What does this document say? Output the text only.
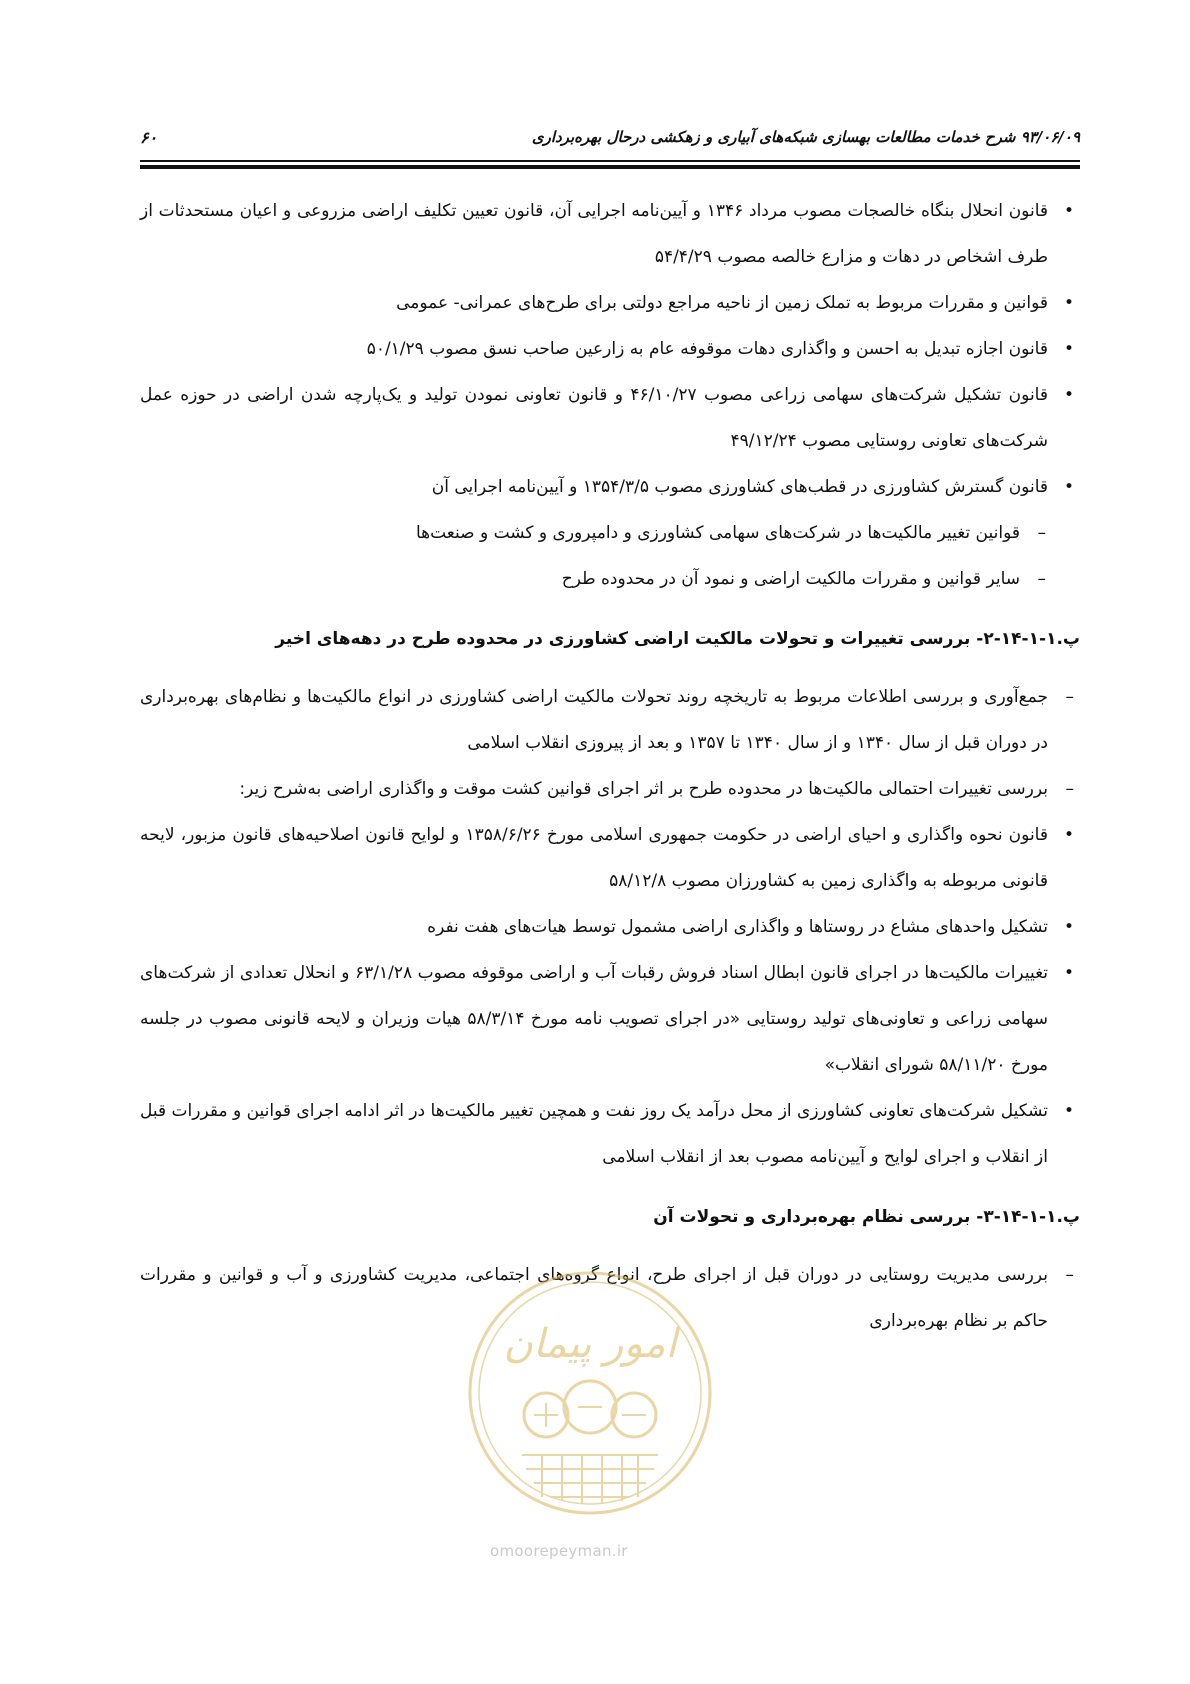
۹۳/۰۶/۰۹ شرح خدمات مطالعات بهسازی شبکه‌های آبیاری و زهکشی درحال بهره‌برداری
۶۰

•
قانون انحلال بنگاه خالصجات مصوب مرداد ۱۳۴۶ و آیین‌نامه اجرایی آن، قانون تعیین تکلیف اراضی مزروعی و اعیان مستحدثات از طرف اشخاص در دهات و مزارع خالصه مصوب ۵۴/۴/۲۹

•
قوانین و مقررات مربوط به تملک زمین از ناحیه مراجع دولتی برای طرح‌های عمرانی- عمومی

•
قانون اجازه تبدیل به احسن و واگذاری دهات موقوفه عام به زارعین صاحب نسق مصوب ۵۰/۱/۲۹

•
قانون تشکیل شرکت‌های سهامی زراعی مصوب ۴۶/۱۰/۲۷ و قانون تعاونی نمودن تولید و یک‌پارچه شدن اراضی در حوزه عمل شرکت‌های تعاونی روستایی مصوب ۴۹/۱۲/۲۴

•
قانون گسترش کشاورزی در قطب‌های کشاورزی مصوب ۱۳۵۴/۳/۵ و آیین‌نامه اجرایی آن

–
قوانین تغییر مالکیت‌ها در شرکت‌های سهامی کشاورزی و دامپروری و کشت و صنعت‌ها

–
سایر قوانین و مقررات مالکیت اراضی و نمود آن در محدوده طرح

پ.۱-۱-۱۴-۲- بررسی تغییرات و تحولات مالکیت اراضی کشاورزی در محدوده طرح در دهه‌های اخیر

–
جمع‌آوری و بررسی اطلاعات مربوط به تاریخچه روند تحولات مالکیت اراضی کشاورزی در انواع مالکیت‌ها و نظام‌های بهره‌برداری در دوران قبل از سال ۱۳۴۰ و از سال ۱۳۴۰ تا ۱۳۵۷ و بعد از پیروزی انقلاب اسلامی

–
بررسی تغییرات احتمالی مالکیت‌ها در محدوده طرح بر اثر اجرای قوانین کشت موقت و واگذاری اراضی به‌شرح زیر:

•
قانون نحوه واگذاری و احیای اراضی در حکومت جمهوری اسلامی مورخ ۱۳۵۸/۶/۲۶ و لوایح قانون اصلاحیه‌های قانون مزبور، لایحه قانونی مربوطه به واگذاری زمین به کشاورزان مصوب ۵۸/۱۲/۸

•
تشکیل واحدهای مشاع در روستاها و واگذاری اراضی مشمول توسط هیات‌های هفت نفره

•
تغییرات مالکیت‌ها در اجرای قانون ابطال اسناد فروش رقبات آب و اراضی موقوفه مصوب ۶۳/۱/۲۸ و انحلال تعدادی از شرکت‌های سهامی زراعی و تعاونی‌های تولید روستایی «در اجرای تصویب نامه مورخ ۵۸/۳/۱۴ هیات وزیران و لایحه قانونی مصوب در جلسه مورخ ۵۸/۱۱/۲۰ شورای انقلاب»

•
تشکیل شرکت‌های تعاونی کشاورزی از محل درآمد یک روز نفت و همچین تغییر مالکیت‌ها در اثر ادامه اجرای قوانین و مقررات قبل از انقلاب و اجرای لوایح و آیین‌نامه مصوب بعد از انقلاب اسلامی

پ.۱-۱-۱۴-۳- بررسی نظام بهره‌برداری و تحولات آن

–
بررسی مدیریت روستایی در دوران قبل از اجرای طرح، انواع گروه‌های اجتماعی، مدیریت کشاورزی و آب و قوانین و مقررات حاکم بر نظام بهره‌برداری

امور پیمان
omoorepeyman.ir
